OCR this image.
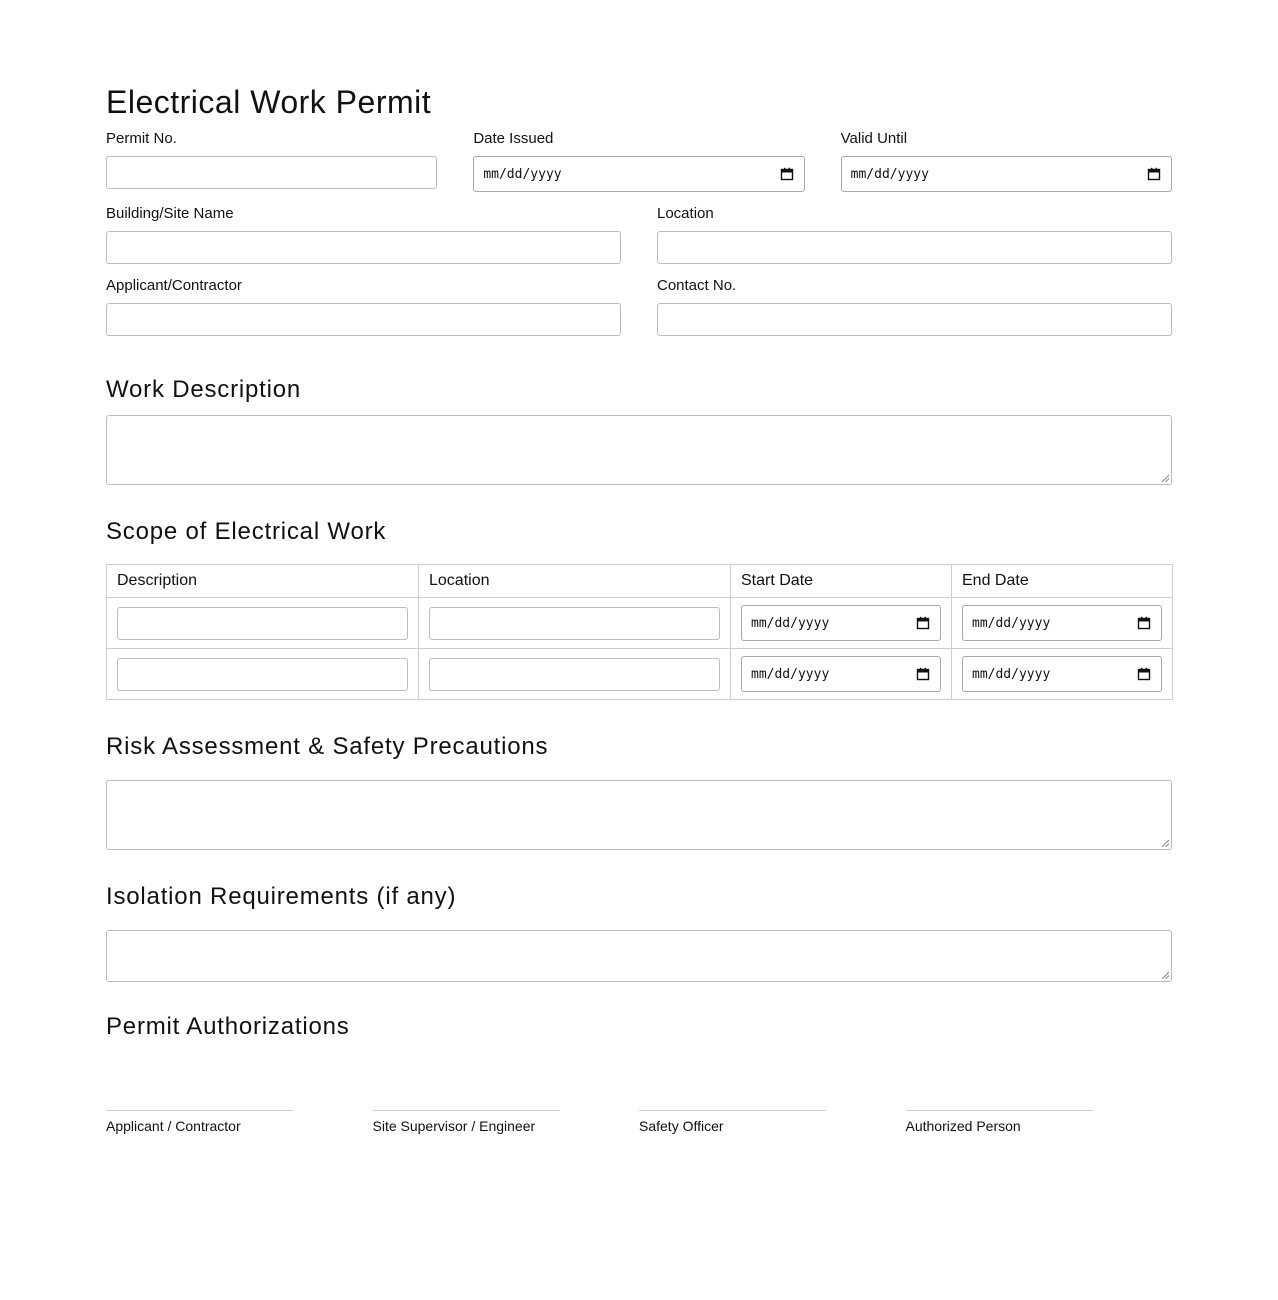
Electrical Work Permit
Permit No.	Date Issued
mm/dd/yyyy
Valid Until
mm/dd/yyyy
Building/Site Name	Location
Applicant/Contractor	Contact No.
Work Description
Scope of Electrical Work
Description	Location	Start Date	End Date

		mm/dd/yyyy	mm/dd/yyyy

		mm/dd/yyyy	mm/dd/yyyy
Risk Assessment & Safety Precautions
Isolation Requirements (if any)
Permit Authorizations
Applicant / Contractor	Site Supervisor / Engineer	Safety Officer	Authorized Person
